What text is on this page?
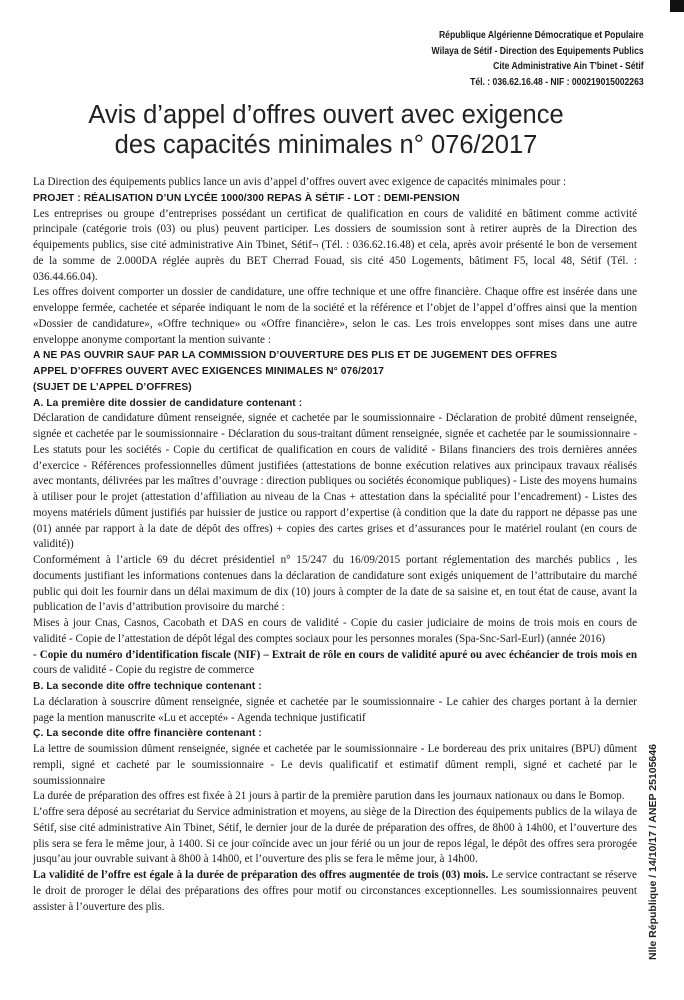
République Algérienne Démocratique et Populaire
Wilaya de Sétif - Direction des Equipements Publics
Cite Administrative Ain T'binet - Sétif
Tél. : 036.62.16.48 - NIF : 000219015002263
Avis d’appel d’offres ouvert avec exigence
des capacités minimales n° 076/2017

La Direction des équipements publics lance un avis d’appel d’offres ouvert avec exigence de capacités minimales pour :

PROJET : RÉALISATION D’UN LYCÉE 1000/300 REPAS À SÉTIF - LOT : DEMI-PENSION

Les entreprises ou groupe d’entreprises possédant un certificat de qualification en cours de validité en bâtiment comme activité principale (catégorie trois (03) ou plus) peuvent participer. Les dossiers de soumission sont à retirer auprès de la Direction des équipements publics, sise cité administrative Ain Tbinet, Sétif¬ (Tél. : 036.62.16.48) et cela, après avoir présenté le bon de versement de la somme de 2.000DA réglée auprès du BET Cherrad Fouad, sis cité 450 Logements, bâtiment F5, local 48, Sétif (Tél. : 036.44.66.04).

Les offres doivent comporter un dossier de candidature, une offre technique et une offre financière. Chaque offre est insérée dans une enveloppe fermée, cachetée et séparée indiquant le nom de la société et la référence et l’objet de l’appel d’offres ainsi que la mention «Dossier de candidature», «Offre technique» ou «Offre financière», selon le cas. Les trois enveloppes sont mises dans une autre enveloppe anonyme comportant la mention suivante :

A NE PAS OUVRIR SAUF PAR LA COMMISSION D’OUVERTURE DES PLIS ET DE JUGEMENT DES OFFRES

APPEL D’OFFRES OUVERT AVEC EXIGENCES MINIMALES N° 076/2017

(SUJET DE L’APPEL D’OFFRES)

A. La première dite dossier de candidature contenant :

Déclaration de candidature dûment renseignée, signée et cachetée par le soumissionnaire - Déclaration de probité dûment renseignée, signée et cachetée par le soumissionnaire - Déclaration du sous-traitant dûment renseignée, signée et cachetée par le soumissionnaire - Les statuts pour les sociétés - Copie du certificat de qualification en cours de validité - Bilans financiers des trois dernières années d’exercice - Références professionnelles dûment justifiées (attestations de bonne exécution relatives aux principaux travaux réalisés avec montants, délivrées par les maîtres d’ouvrage : direction publiques ou sociétés économique publiques) - Liste des moyens humains à utiliser pour le projet (attestation d’affiliation au niveau de la Cnas + attestation dans la spécialité pour l’encadrement) - Listes des moyens matériels dûment justifiés par huissier de justice ou rapport d’expertise (à condition que la date du rapport ne dépasse pas une (01) année par rapport à la date de dépôt des offres) + copies des cartes grises et d’assurances pour le matériel roulant (en cours de validité))

Conformément à l’article 69 du décret présidentiel n° 15/247 du 16/09/2015 portant réglementation des marchés publics , les documents justifiant les informations contenues dans la déclaration de candidature sont exigés uniquement de l’attributaire du marché public qui doit les fournir dans un délai maximum de dix (10) jours à compter de la date de sa saisine et, en tout état de cause, avant la publication de l’avis d’attribution provisoire du marché :

Mises à jour Cnas, Casnos, Cacobath et DAS en cours de validité - Copie du casier judiciaire de moins de trois mois en cours de validité - Copie de l’attestation de dépôt légal des comptes sociaux pour les personnes morales (Spa-Snc-Sarl-Eurl) (année 2016)

- Copie du numéro d’identification fiscale (NIF) – Extrait de rôle en cours de validité apuré ou avec échéancier de trois mois en cours de validité - Copie du registre de commerce

B. La seconde dite offre technique contenant :

La déclaration à souscrire dûment renseignée, signée et cachetée par le soumissionnaire - Le cahier des charges portant à la dernier page la mention manuscrite «Lu et accepté» - Agenda technique justificatif

Ç. La seconde dite offre financière contenant :

La lettre de soumission dûment renseignée, signée et cachetée par le soumissionnaire - Le bordereau des prix unitaires (BPU) dûment rempli, signé et cacheté par le soumissionnaire - Le devis qualificatif et estimatif dûment rempli, signé et cacheté par le soumissionnaire

La durée de préparation des offres est fixée à 21 jours à partir de la première parution dans les journaux nationaux ou dans le Bomop.

L’offre sera déposé au secrétariat du Service administration et moyens, au siège de la Direction des équipements publics de la wilaya de Sétif, sise cité administrative Ain Tbinet, Sétif, le dernier jour de la durée de préparation des offres, de 8h00 à 14h00, et l’ouverture des plis sera se fera le même jour, à 1400. Si ce jour coïncide avec un jour férié ou un jour de repos légal, le dépôt des offres sera prorogée jusqu’au jour ouvrable suivant à 8h00 à 14h00, et l’ouverture des plis se fera le même jour, à 14h00.

La validité de l’offre est égale à la durée de préparation des offres augmentée de trois (03) mois. Le service contractant se réserve le droit de proroger le délai des préparations des offres pour motif ou circonstances exceptionnelles. Les soumissionnaires peuvent assister à l’ouverture des plis.	Nlle République / 14/10/17 / ANEP 25105646
